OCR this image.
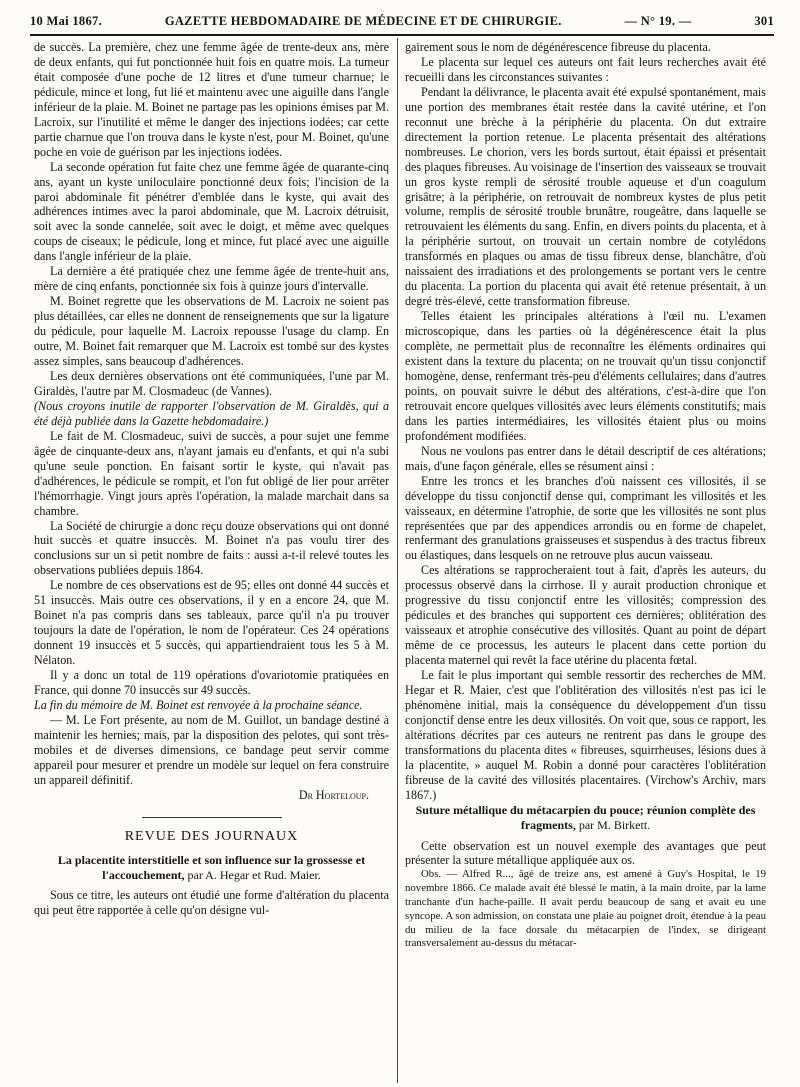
10 Mai 1867.	GAZETTE HEBDOMADAIRE DE MÉDECINE ET DE CHIRURGIE.	— N° 19. —	301

de succès. La première, chez une femme âgée de trente-deux ans, mère de deux enfants, qui fut ponctionnée huit fois en quatre mois. La tumeur était composée d'une poche de 12 litres et d'une tumeur charnue; le pédicule, mince et long, fut lié et maintenu avec une aiguille dans l'angle inférieur de la plaie. M. Boinet ne partage pas les opinions émises par M. Lacroix, sur l'inutilité et même le danger des injections iodées; car cette partie charnue que l'on trouva dans le kyste n'est, pour M. Boinet, qu'une poche en voie de guérison par les injections iodées.

La seconde opération fut faite chez une femme âgée de quarante-cinq ans, ayant un kyste uniloculaire ponctionné deux fois; l'incision de la paroi abdominale fit pénétrer d'emblée dans le kyste, qui avait des adhérences intimes avec la paroi abdominale, que M. Lacroix détruisit, soit avec la sonde cannelée, soit avec le doigt, et même avec quelques coups de ciseaux; le pédicule, long et mince, fut placé avec une aiguille dans l'angle inférieur de la plaie.

La dernière a été pratiquée chez une femme âgée de trente-huit ans, mère de cinq enfants, ponctionnée six fois à quinze jours d'intervalle.

M. Boinet regrette que les observations de M. Lacroix ne soient pas plus détaillées, car elles ne donnent de renseignements que sur la ligature du pédicule, pour laquelle M. Lacroix repousse l'usage du clamp. En outre, M. Boinet fait remarquer que M. Lacroix est tombé sur des kystes assez simples, sans beaucoup d'adhérences.

Les deux dernières observations ont été communiquées, l'une par M. Giraldès, l'autre par M. Closmadeuc (de Vannes).

(Nous croyons inutile de rapporter l'observation de M. Giraldès, qui a été déjà publiée dans la Gazette hebdomadaire.)

Le fait de M. Closmadeuc, suivi de succès, a pour sujet une femme âgée de cinquante-deux ans, n'ayant jamais eu d'enfants, et qui n'a subi qu'une seule ponction. En faisant sortir le kyste, qui n'avait pas d'adhérences, le pédicule se rompit, et l'on fut obligé de lier pour arrêter l'hémorrhagie. Vingt jours après l'opération, la malade marchait dans sa chambre.

La Société de chirurgie a donc reçu douze observations qui ont donné huit succès et quatre insuccès. M. Boinet n'a pas voulu tirer des conclusions sur un si petit nombre de faits : aussi a-t-il relevé toutes les observations publiées depuis 1864.

Le nombre de ces observations est de 95; elles ont donné 44 succès et 51 insuccès. Mais outre ces observations, il y en a encore 24, que M. Boinet n'a pas compris dans ses tableaux, parce qu'il n'a pu trouver toujours la date de l'opération, le nom de l'opérateur. Ces 24 opérations donnent 19 insuccès et 5 succès, qui appartiendraient tous les 5 à M. Nélaton.

Il y a donc un total de 119 opérations d'ovariotomie pratiquées en France, qui donne 70 insuccès sur 49 succès.

La fin du mémoire de M. Boinet est renvoyée à la prochaine séance.

— M. Le Fort présente, au nom de M. Guillot, un bandage destiné à maintenir les hernies; mais, par la disposition des pelotes, qui sont très-mobiles et de diverses dimensions, ce bandage peut servir comme appareil pour mesurer et prendre un modèle sur lequel on fera construire un appareil définitif.

Dr Horteloup.

REVUE DES JOURNAUX

La placentite interstitielle et son influence sur la grossesse et l'accouchement, par A. Hegar et Rud. Maier.

Sous ce titre, les auteurs ont étudié une forme d'altération du placenta qui peut être rapportée à celle qu'on désigne vul-

gairement sous le nom de dégénérescence fibreuse du placenta.

Le placenta sur lequel ces auteurs ont fait leurs recherches avait été recueilli dans les circonstances suivantes :

Pendant la délivrance, le placenta avait été expulsé spontanément, mais une portion des membranes était restée dans la cavité utérine, et l'on reconnut une brèche à la périphérie du placenta. On dut extraire directement la portion retenue. Le placenta présentait des altérations nombreuses. Le chorion, vers les bords surtout, était épaissi et présentait des plaques fibreuses. Au voisinage de l'insertion des vaisseaux se trouvait un gros kyste rempli de sérosité trouble aqueuse et d'un coagulum grisâtre; à la périphérie, on retrouvait de nombreux kystes de plus petit volume, remplis de sérosité trouble brunâtre, rougeâtre, dans laquelle se retrouvaient les éléments du sang. Enfin, en divers points du placenta, et à la périphérie surtout, on trouvait un certain nombre de cotylédons transformés en plaques ou amas de tissu fibreux dense, blanchâtre, d'où naissaient des irradiations et des prolongements se portant vers le centre du placenta. La portion du placenta qui avait été retenue présentait, à un degré très-élevé, cette transformation fibreuse.

Telles étaient les principales altérations à l'œil nu. L'examen microscopique, dans les parties où la dégénérescence était la plus complète, ne permettait plus de reconnaître les éléments ordinaires qui existent dans la texture du placenta; on ne trouvait qu'un tissu conjonctif homogène, dense, renfermant très-peu d'éléments cellulaires; dans d'autres points, on pouvait suivre le début des altérations, c'est-à-dire que l'on retrouvait encore quelques villosités avec leurs éléments constitutifs; mais dans les parties intermédiaires, les villosités étaient plus ou moins profondément modifiées.

Nous ne voulons pas entrer dans le détail descriptif de ces altérations; mais, d'une façon générale, elles se résument ainsi :

Entre les troncs et les branches d'où naissent ces villosités, il se développe du tissu conjonctif dense qui, comprimant les villosités et les vaisseaux, en détermine l'atrophie, de sorte que les villosités ne sont plus représentées que par des appendices arrondis ou en forme de chapelet, renfermant des granulations graisseuses et suspendus à des tractus fibreux ou élastiques, dans lesquels on ne retrouve plus aucun vaisseau.

Ces altérations se rapprocheraient tout à fait, d'après les auteurs, du processus observé dans la cirrhose. Il y aurait production chronique et progressive du tissu conjonctif entre les villosités; compression des pédicules et des branches qui supportent ces dernières; oblitération des vaisseaux et atrophie consécutive des villosités. Quant au point de départ même de ce processus, les auteurs le placent dans cette portion du placenta maternel qui revêt la face utérine du placenta fœtal.

Le fait le plus important qui semble ressortir des recherches de MM. Hegar et R. Maier, c'est que l'oblitération des villosités n'est pas ici le phénomène initial, mais la conséquence du développement d'un tissu conjonctif dense entre les deux villosités. On voit que, sous ce rapport, les altérations décrites par ces auteurs ne rentrent pas dans le groupe des transformations du placenta dites « fibreuses, squirrheuses, lésions dues à la placentite, » auquel M. Robin a donné pour caractères l'oblitération fibreuse de la cavité des villosités placentaires. (Virchow's Archiv, mars 1867.)

Suture métallique du métacarpien du pouce; réunion complète des fragments, par M. Birkett.

Cette observation est un nouvel exemple des avantages que peut présenter la suture métallique appliquée aux os.

Obs. — Alfred R..., âgé de treize ans, est amené à Guy's Hospital, le 19 novembre 1866. Ce malade avait été blessé le matin, à la main droite, par la lame tranchante d'un hache-paille. Il avait perdu beaucoup de sang et avait eu une syncope. A son admission, on constata une plaie au poignet droit, étendue à la peau du milieu de la face dorsale du métacarpien de l'index, se dirigeant transversalement au-dessus du métacar-
